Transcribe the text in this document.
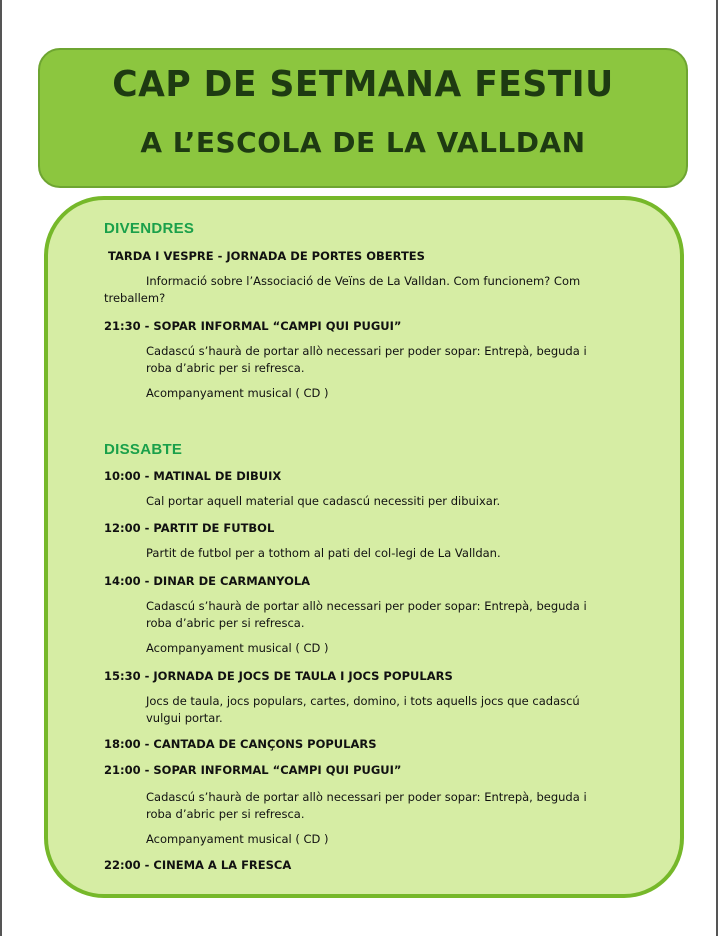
CAP DE SETMANA FESTIU
A L’ESCOLA DE LA VALLDAN
DIVENDRES
TARDA I VESPRE - JORNADA DE PORTES OBERTES
Informació sobre l’Associació de Veïns de La Valldan. Com funcionem? Com treballem?
21:30 - SOPAR INFORMAL “CAMPI QUI PUGUI”
Cadascú s’haurà de portar allò necessari per poder sopar: Entrepà, beguda i roba d’abric per si refresca.
Acompanyament musical ( CD )
DISSABTE
10:00 - MATINAL DE DIBUIX
Cal portar aquell material que cadascú necessiti per dibuixar.
12:00 - PARTIT DE FUTBOL
Partit de futbol per a tothom al pati del col-legi de La Valldan.
14:00 - DINAR DE CARMANYOLA
Cadascú s’haurà de portar allò necessari per poder sopar: Entrepà, beguda i roba d’abric per si refresca.
Acompanyament musical ( CD )
15:30 - JORNADA DE JOCS DE TAULA I JOCS POPULARS
Jocs de taula, jocs populars, cartes, domino, i tots aquells jocs que cadascú vulgui portar.
18:00 - CANTADA DE CANÇONS POPULARS
21:00 - SOPAR INFORMAL “CAMPI QUI PUGUI”
Cadascú s’haurà de portar allò necessari per poder sopar: Entrepà, beguda i roba d’abric per si refresca.
Acompanyament musical ( CD )
22:00 - CINEMA A LA FRESCA
